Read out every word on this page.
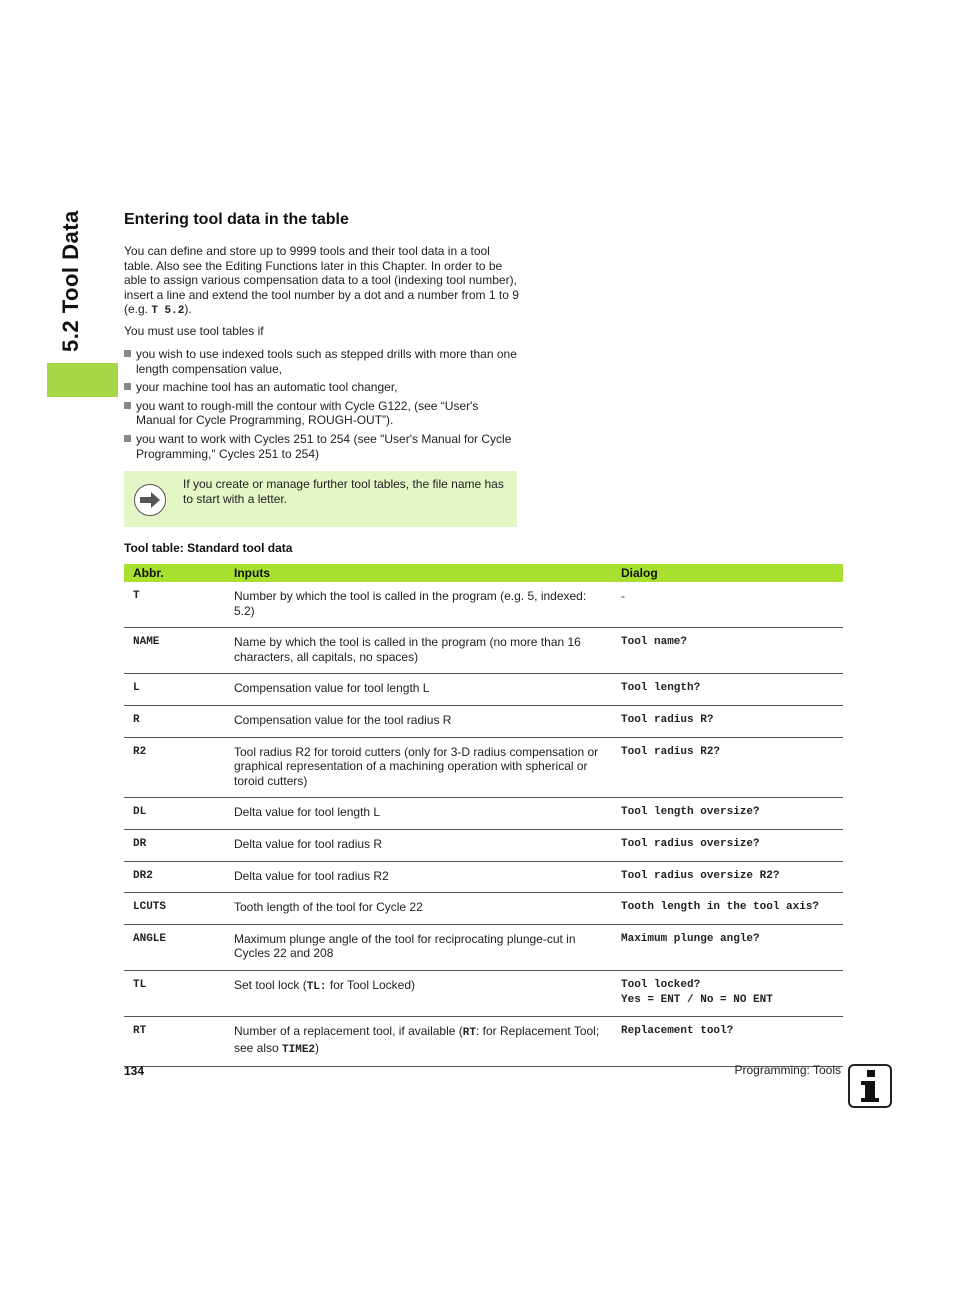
5.2 Tool Data	Entering tool data in the table

You can define and store up to 9999 tools and their tool data in a tool table. Also see the Editing Functions later in this Chapter. In order to be able to assign various compensation data to a tool (indexing tool number), insert a line and extend the tool number by a dot and a number from 1 to 9 (e.g. T 5.2).

You must use tool tables if

you wish to use indexed tools such as stepped drills with more than one length compensation value,
your machine tool has an automatic tool changer,
you want to rough-mill the contour with Cycle G122, (see “User's Manual for Cycle Programming, ROUGH-OUT”).
you want to work with Cycles 251 to 254 (see "User's Manual for Cycle Programming," Cycles 251 to 254)
If you create or manage further tool tables, the file name has to start with a letter.
Tool table: Standard tool data
Abbr.	Inputs	Dialog
T	Number by which the tool is called in the program (e.g. 5, indexed: 5.2)	-
NAME	Name by which the tool is called in the program (no more than 16 characters, all capitals, no spaces)	Tool name?
L	Compensation value for tool length L	Tool length?
R	Compensation value for the tool radius R	Tool radius R?
R2	Tool radius R2 for toroid cutters (only for 3-D radius compensation or graphical representation of a machining operation with spherical or toroid cutters)	Tool radius R2?
DL	Delta value for tool length L	Tool length oversize?
DR	Delta value for tool radius R	Tool radius oversize?
DR2	Delta value for tool radius R2	Tool radius oversize R2?
LCUTS	Tooth length of the tool for Cycle 22	Tooth length in the tool axis?
ANGLE	Maximum plunge angle of the tool for reciprocating plunge-cut in Cycles 22 and 208	Maximum plunge angle?
TL	Set tool lock (TL: for Tool Locked)	Tool locked?
Yes = ENT / No = NO ENT
RT	Number of a replacement tool, if available (RT: for Replacement Tool; see also TIME2)	Replacement tool?
134	Programming: Tools
